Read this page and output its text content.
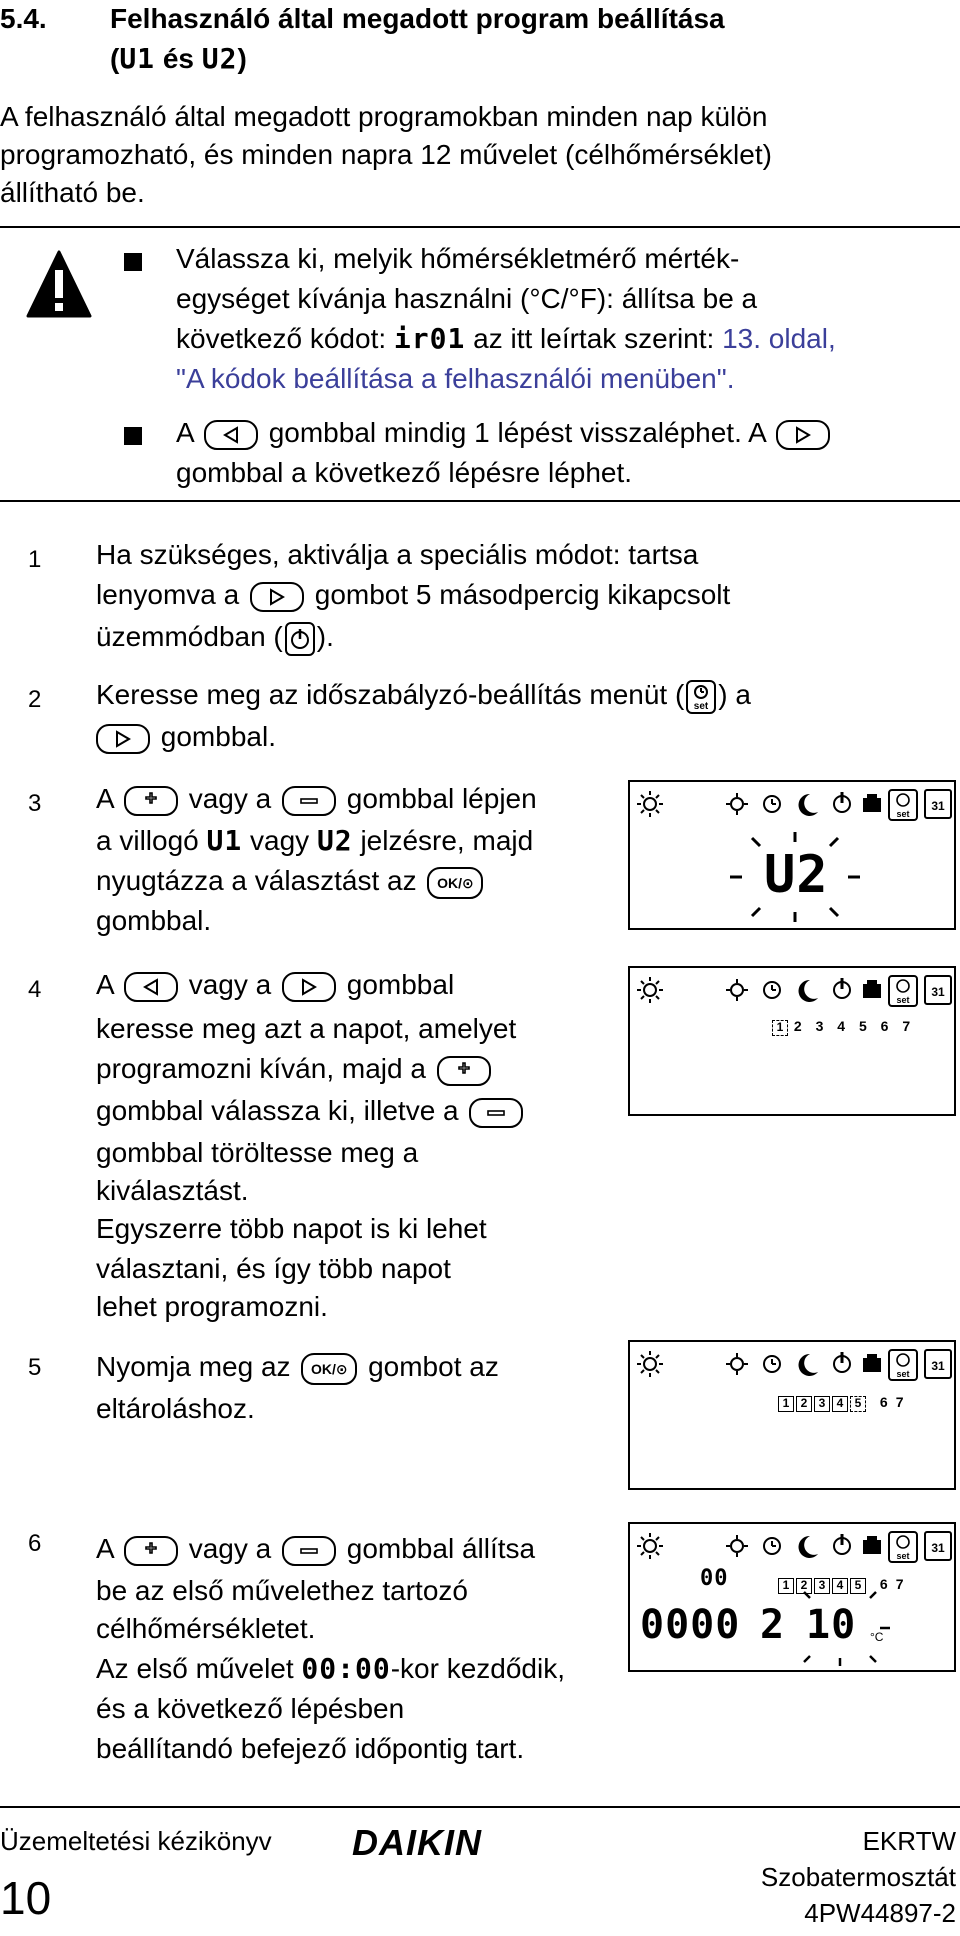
5.4. Felhasználó által megadott program beállítása
(U1 és U2)
A felhasználó által megadott programokban minden nap külön
programozható, és minden napra 12 művelet (célhőmérséklet)
állítható be.
Válassza ki, melyik hőmérsékletmérő mérték-
egységet kívánja használni (°C/°F): állítsa be a
következő kódot: ir01 az itt leírtak szerint: 13. oldal,
"A kódok beállítása a felhasználói menüben".
A	gombbal mindig 1 lépést visszaléphet. A
gombbal a következő lépésre léphet.
1 Ha szükséges, aktiválja a speciális módot: tartsa
lenyomva a	gombot 5 másodpercig kikapcsolt
üzemmódban ( ).
2 Keresse meg az időszabályzó-beállítás menüt ( set ) a
gombbal.
3 A	vagy a	gombbal lépjen
a villogó U1 vagy U2 jelzésre, majd
nyugtázza a választást az OK/⊙
gombbal.
4 A	vagy a	gombbal
keresse meg azt a napot, amelyet
programozni kíván, majd a
gombbal válassza ki, illetve a
gombbal töröltesse meg a
kiválasztást.
Egyszerre több napot is ki lehet
választani, és így több napot
lehet programozni.
5 Nyomja meg az OK/⊙ gombot az
eltároláshoz.
6 A	vagy a	gombbal állítsa
be az első művelethez tartozó
célhőmérsékletet.
Az első művelet 00:00-kor kezdődik,
és a következő lépésben
beállítandó befejező időpontig tart.
U2
1 2 3 4 5 6 7
1 2 3 4 5 6 7
1 2 3 4 5 6 7
00
0000 2 10 °C
Üzemeltetési kézikönyv
10
DAIKIN	EKRTW
Szobatermosztát
4PW44897-2
